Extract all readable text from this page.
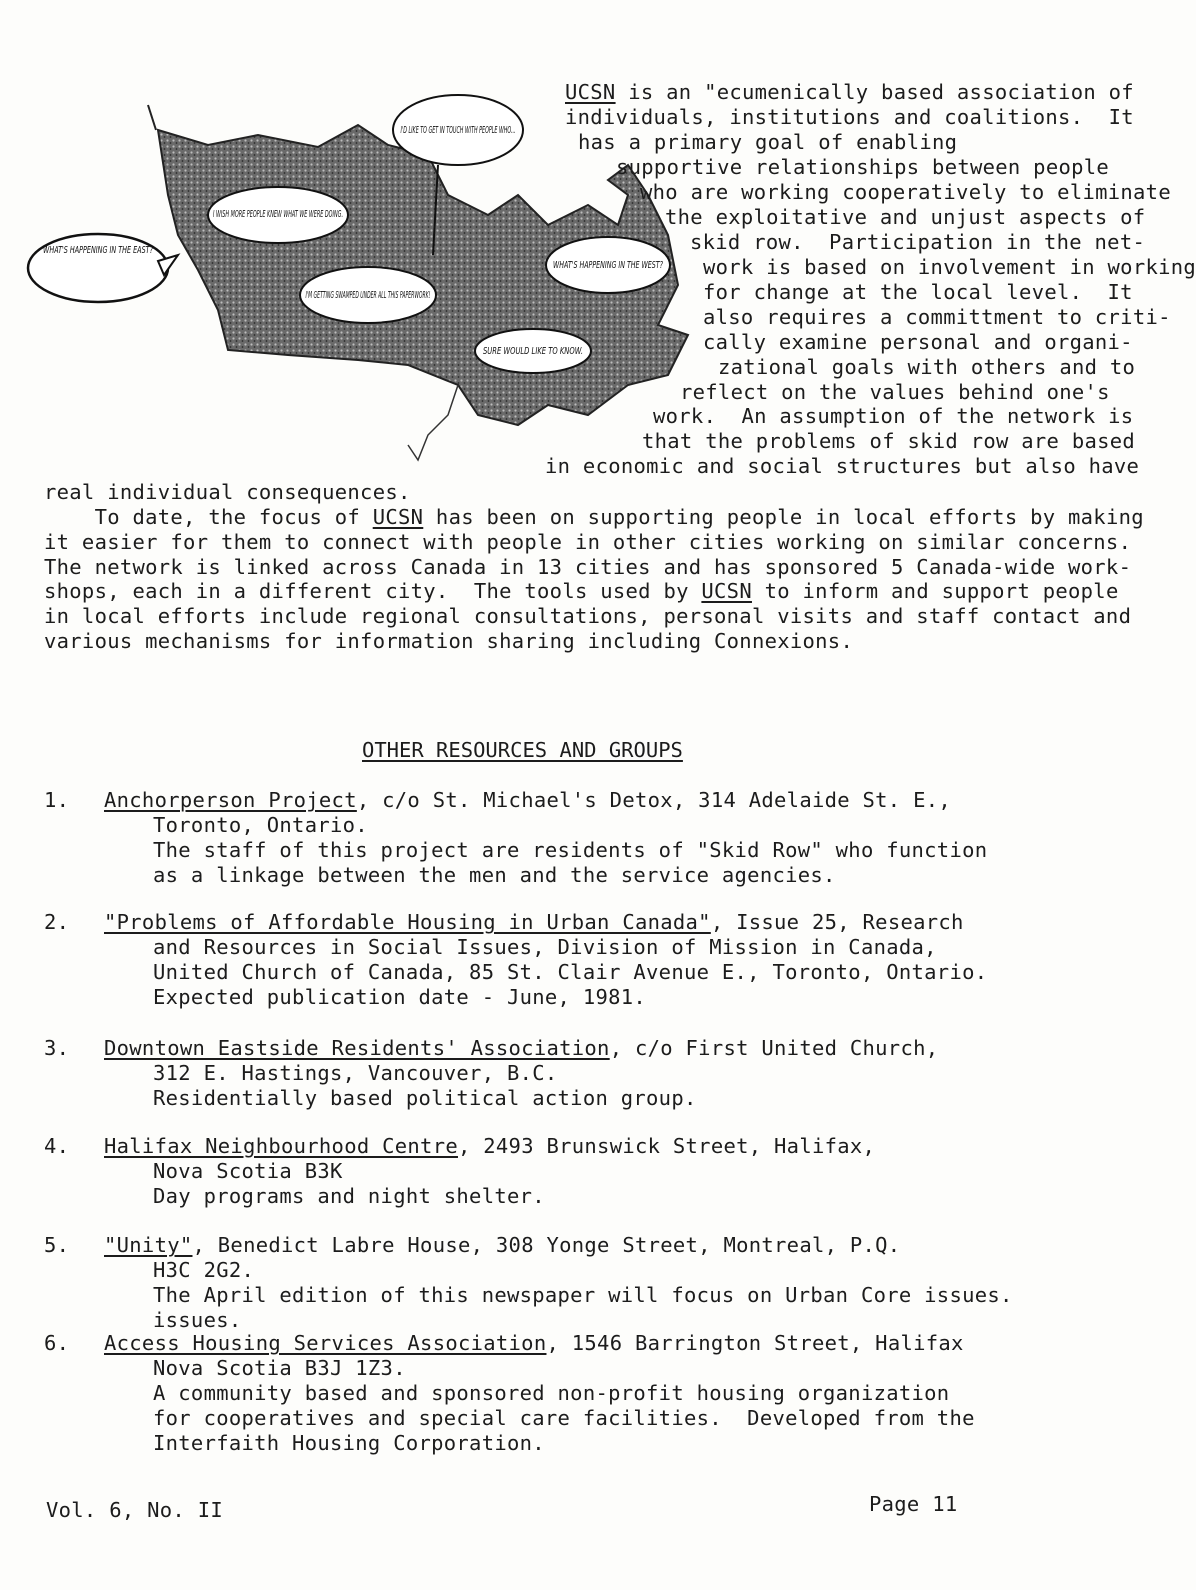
WHAT'S HAPPENING IN THE EAST?
I WISH MORE PEOPLE KNEW WHAT WE WERE DOING.
I'D LIKE TO GET IN TOUCH WITH PEOPLE WHO...
I'M GETTING SWAMPED UNDER ALL THIS PAPERWORK!
WHAT'S HAPPENING IN THE WEST?
SURE WOULD LIKE TO KNOW.
UCSN is an "ecumenically based association of
individuals, institutions and coalitions.  It
has a primary goal of enabling
supportive relationships between people
who are working cooperatively to eliminate
the exploitative and unjust aspects of
skid row.  Participation in the net-
work is based on involvement in working
for change at the local level.  It
also requires a committment to criti-
cally examine personal and organi-
zational goals with others and to
reflect on the values behind one's
work.  An assumption of the network is
that the problems of skid row are based
in economic and social structures but also have
real individual consequences.
To date, the focus of UCSN has been on supporting people in local efforts by making
it easier for them to connect with people in other cities working on similar concerns.
The network is linked across Canada in 13 cities and has sponsored 5 Canada-wide work-
shops, each in a different city.  The tools used by UCSN to inform and support people
in local efforts include regional consultations, personal visits and staff contact and
various mechanisms for information sharing including Connexions.
OTHER RESOURCES AND GROUPS
1. Anchorperson Project, c/o St. Michael's Detox, 314 Adelaide St. E.,
Toronto, Ontario.
The staff of this project are residents of "Skid Row" who function
as a linkage between the men and the service agencies.
2. "Problems of Affordable Housing in Urban Canada", Issue 25, Research
and Resources in Social Issues, Division of Mission in Canada,
United Church of Canada, 85 St. Clair Avenue E., Toronto, Ontario.
Expected publication date - June, 1981.
3. Downtown Eastside Residents' Association, c/o First United Church,
312 E. Hastings, Vancouver, B.C.
Residentially based political action group.
4. Halifax Neighbourhood Centre, 2493 Brunswick Street, Halifax,
Nova Scotia B3K
Day programs and night shelter.
5. "Unity", Benedict Labre House, 308 Yonge Street, Montreal, P.Q.
H3C 2G2.
The April edition of this newspaper will focus on Urban Core issues.
issues.
6. Access Housing Services Association, 1546 Barrington Street, Halifax
Nova Scotia B3J 1Z3.
A community based and sponsored non-profit housing organization
for cooperatives and special care facilities.  Developed from the
Interfaith Housing Corporation.
Vol. 6, No. II	Page 11
